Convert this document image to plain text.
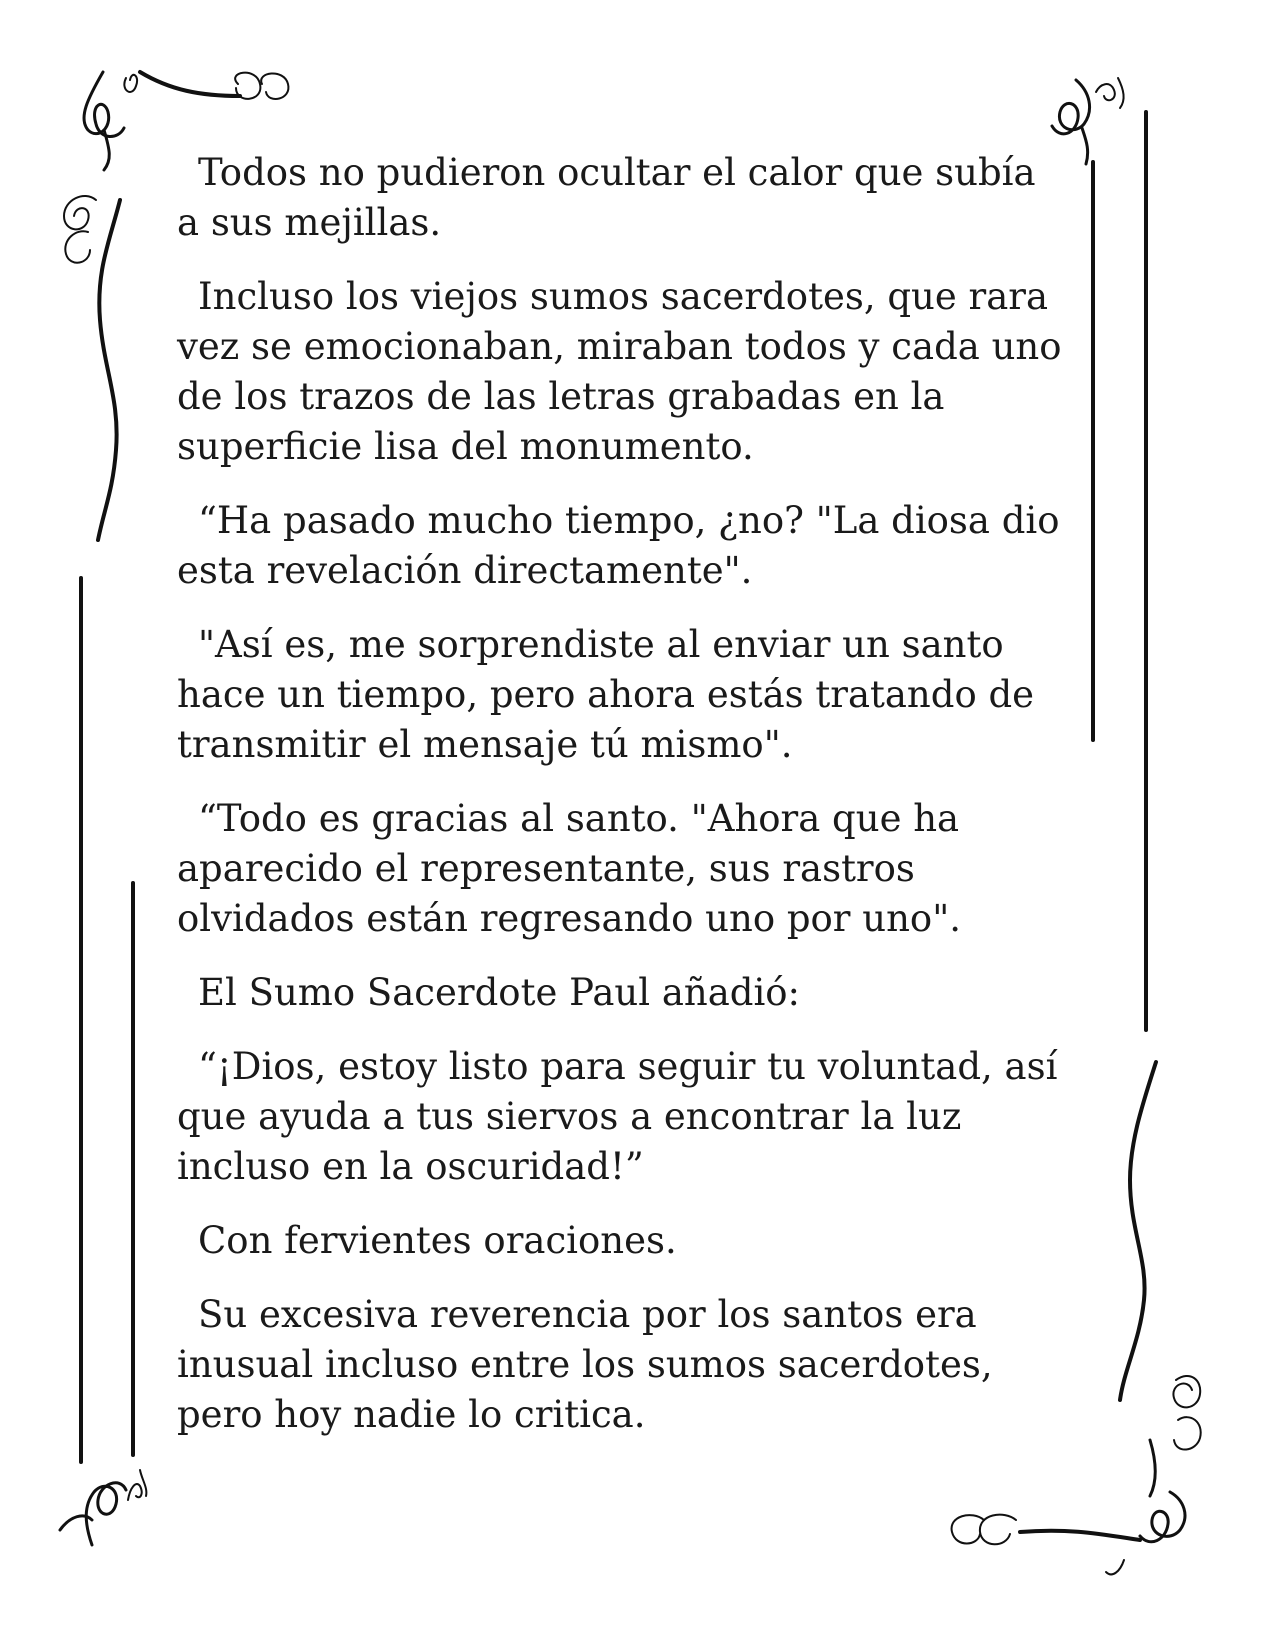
Todos no pudieron ocultar el calor que subía
a sus mejillas.

Incluso los viejos sumos sacerdotes, que rara
vez se emocionaban, miraban todos y cada uno
de los trazos de las letras grabadas en la
superficie lisa del monumento.

“Ha pasado mucho tiempo, ¿no? "La diosa dio
esta revelación directamente".

"Así es, me sorprendiste al enviar un santo
hace un tiempo, pero ahora estás tratando de
transmitir el mensaje tú mismo".

“Todo es gracias al santo. "Ahora que ha
aparecido el representante, sus rastros
olvidados están regresando uno por uno".

El Sumo Sacerdote Paul añadió:

“¡Dios, estoy listo para seguir tu voluntad, así
que ayuda a tus siervos a encontrar la luz
incluso en la oscuridad!”

Con fervientes oraciones.

Su excesiva reverencia por los santos era
inusual incluso entre los sumos sacerdotes,
pero hoy nadie lo critica.
